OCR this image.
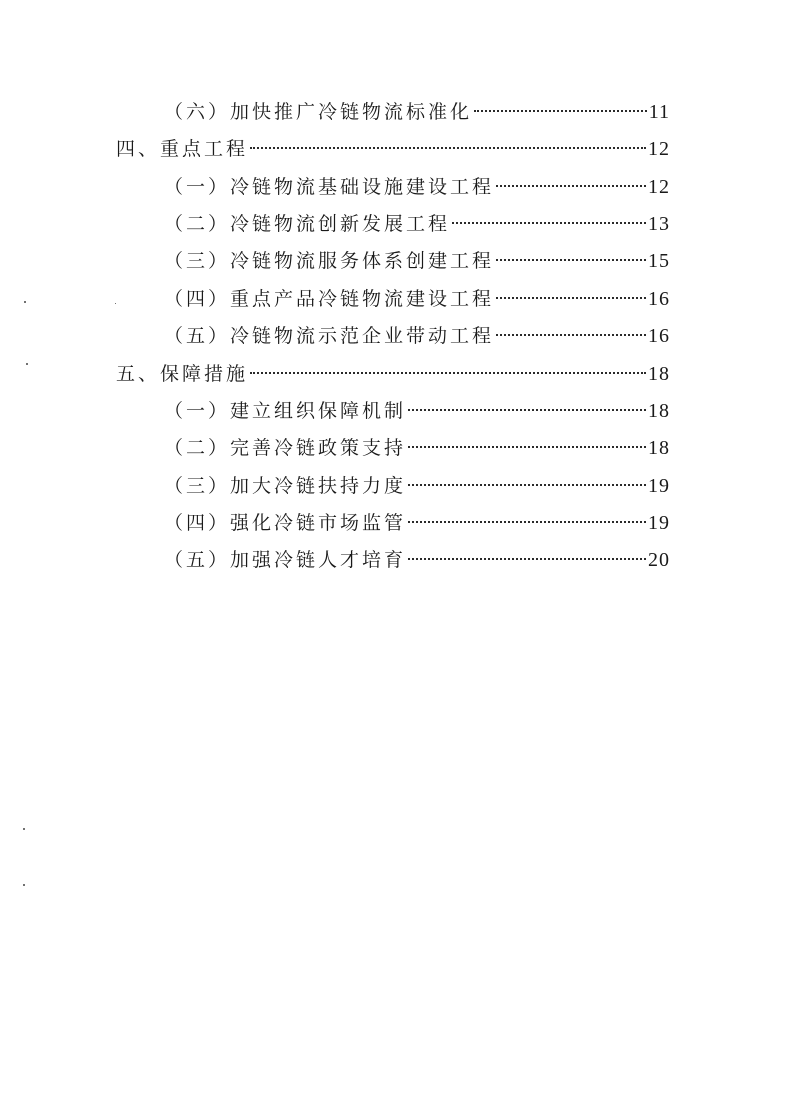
（六）加快推广冷链物流标准化	11
四、重点工程	12
（一）冷链物流基础设施建设工程	12
（二）冷链物流创新发展工程	13
（三）冷链物流服务体系创建工程	15
（四）重点产品冷链物流建设工程	16
（五）冷链物流示范企业带动工程	16
五、保障措施	18
（一）建立组织保障机制	18
（二）完善冷链政策支持	18
（三）加大冷链扶持力度	19
（四）强化冷链市场监管	19
（五）加强冷链人才培育	20
